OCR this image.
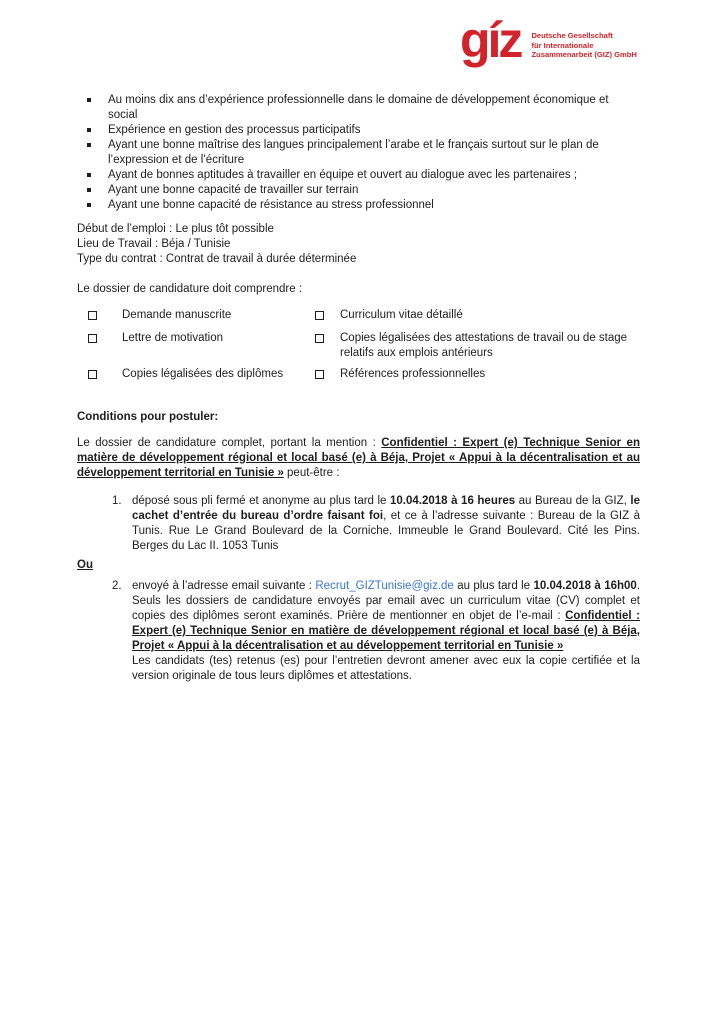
gíz Deutsche Gesellschaft
für Internationale
Zusammenarbeit (GIZ) GmbH
Au moins dix ans d’expérience professionnelle dans le domaine de développement économique et social
Expérience en gestion des processus participatifs
Ayant une bonne maîtrise des langues principalement l’arabe et le français surtout sur le plan de l’expression et de l’écriture
Ayant de bonnes aptitudes à travailler en équipe et ouvert au dialogue avec les partenaires ;
Ayant une bonne capacité de travailler sur terrain
Ayant une bonne capacité de résistance au stress professionnel

Début de l’emploi : Le plus tôt possible

Lieu de Travail : Béja / Tunisie

Type du contrat : Contrat de travail à durée déterminée

Le dossier de candidature doit comprendre :

Demande manuscrite	Curriculum vitae détaillé
Lettre de motivation	Copies légalisées des attestations de travail ou de stage relatifs aux emplois antérieurs
Copies légalisées des diplômes	Références professionnelles

Conditions pour postuler:

Le dossier de candidature complet, portant la mention : Confidentiel : Expert (e) Technique Senior en matière de développement régional et local basé (e) à Béja, Projet « Appui à la décentralisation et au développement territorial en Tunisie » peut-être :

1. déposé sous pli fermé et anonyme au plus tard le 10.04.2018 à 16 heures au Bureau de la GIZ, le cachet d’entrée du bureau d’ordre faisant foi, et ce à l’adresse suivante : Bureau de la GIZ à Tunis. Rue Le Grand Boulevard de la Corniche. Immeuble le Grand Boulevard. Cité les Pins. Berges du Lac II. 1053 Tunis

Ou

2. envoyé à l’adresse email suivante : Recrut_GIZTunisie@giz.de au plus tard le 10.04.2018 à 16h00. Seuls les dossiers de candidature envoyés par email avec un curriculum vitae (CV) complet et copies des diplômes seront examinés. Prière de mentionner en objet de l’e-mail : Confidentiel : Expert (e) Technique Senior en matière de développement régional et local basé (e) à Béja, Projet « Appui à la décentralisation et au développement territorial en Tunisie »
Les candidats (tes) retenus (es) pour l’entretien devront amener avec eux la copie certifiée et la version originale de tous leurs diplômes et attestations.
